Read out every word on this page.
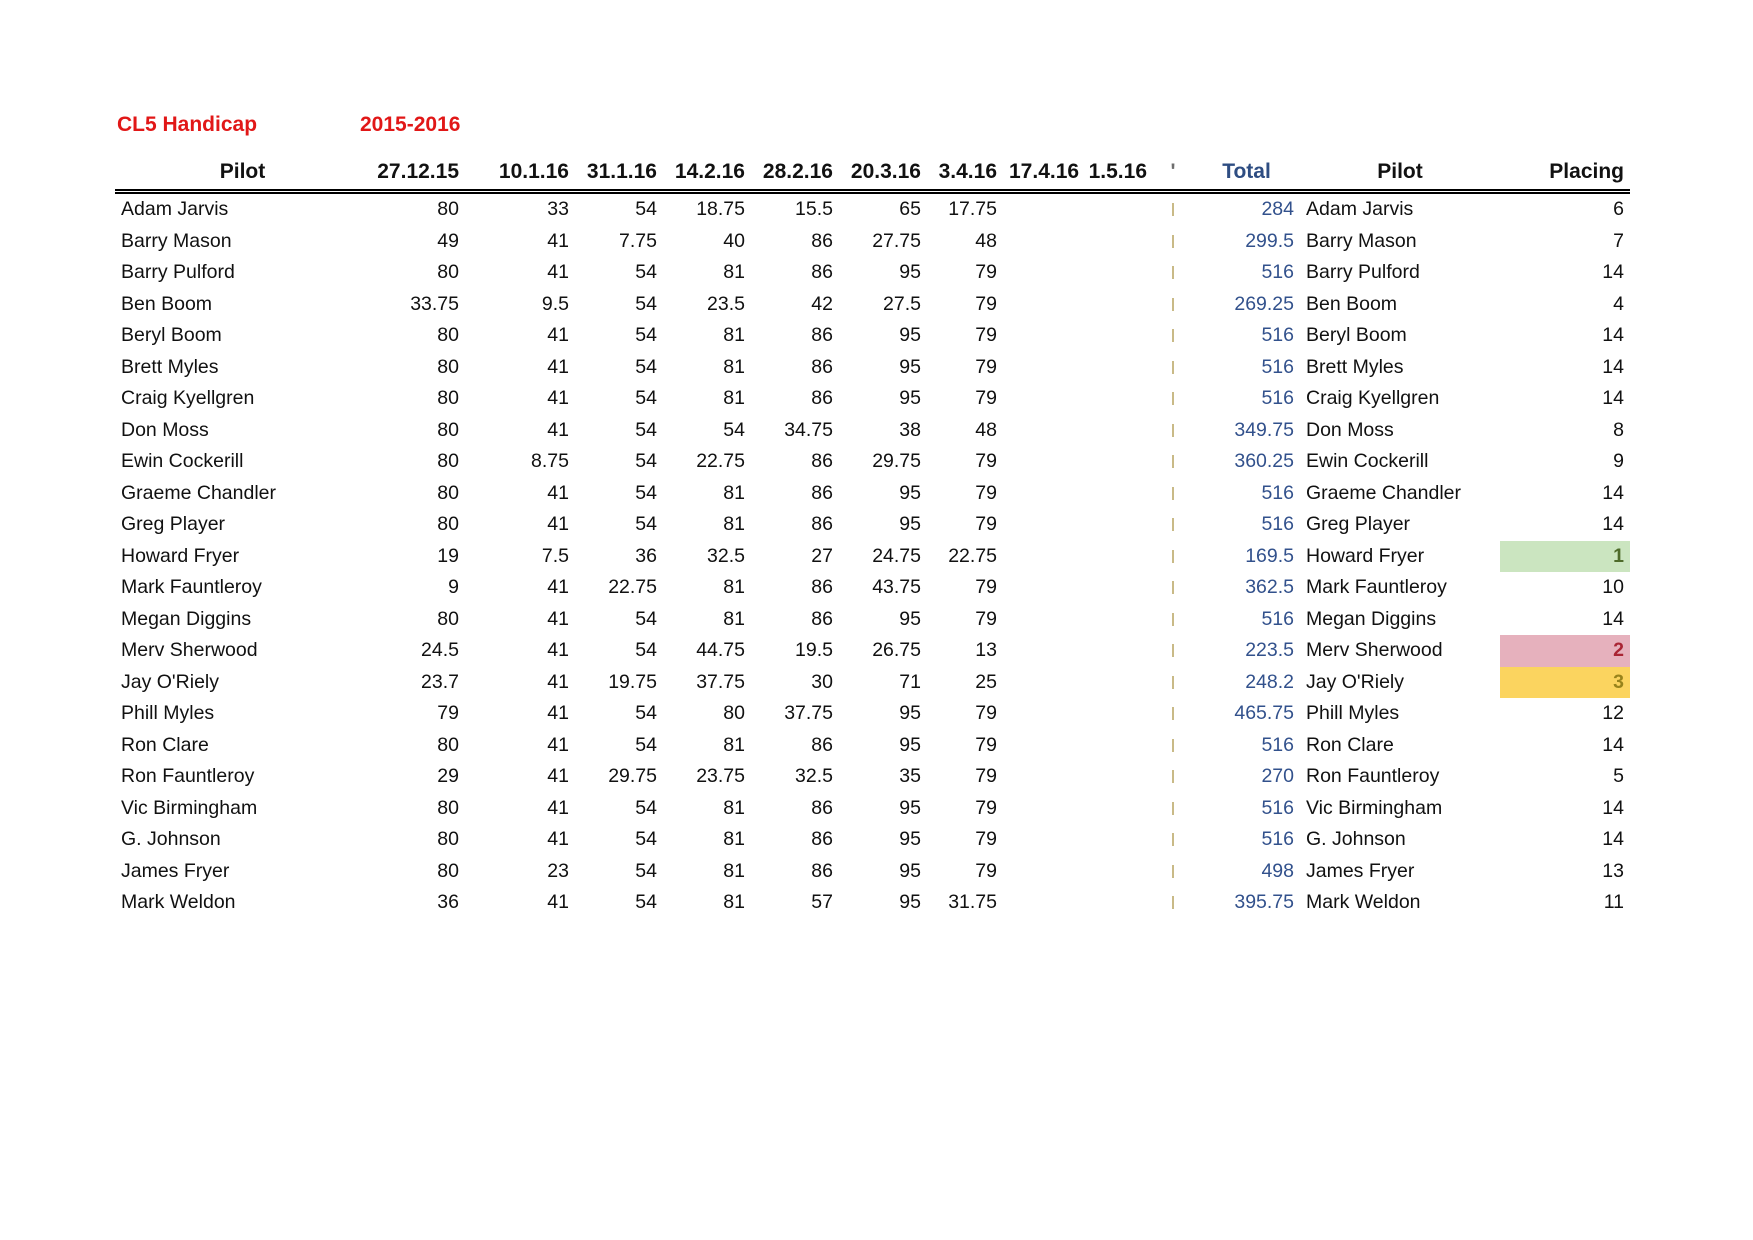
CL5 Handicap	2015-2016
Pilot	27.12.15	10.1.16	31.1.16	14.2.16	28.2.16	20.3.16	3.4.16	17.4.16	1.5.16	'	Total	Pilot	Placing
Adam Jarvis	80	33	54	18.75	15.5	65	17.75				284	Adam Jarvis	6
Barry Mason	49	41	7.75	40	86	27.75	48				299.5	Barry Mason	7
Barry Pulford	80	41	54	81	86	95	79				516	Barry Pulford	14
Ben Boom	33.75	9.5	54	23.5	42	27.5	79				269.25	Ben Boom	4
Beryl Boom	80	41	54	81	86	95	79				516	Beryl Boom	14
Brett Myles	80	41	54	81	86	95	79				516	Brett Myles	14
Craig Kyellgren	80	41	54	81	86	95	79				516	Craig Kyellgren	14
Don Moss	80	41	54	54	34.75	38	48				349.75	Don Moss	8
Ewin Cockerill	80	8.75	54	22.75	86	29.75	79				360.25	Ewin Cockerill	9
Graeme Chandler	80	41	54	81	86	95	79				516	Graeme Chandler	14
Greg Player	80	41	54	81	86	95	79				516	Greg Player	14
Howard Fryer	19	7.5	36	32.5	27	24.75	22.75				169.5	Howard Fryer	1
Mark Fauntleroy	9	41	22.75	81	86	43.75	79				362.5	Mark Fauntleroy	10
Megan Diggins	80	41	54	81	86	95	79				516	Megan Diggins	14
Merv Sherwood	24.5	41	54	44.75	19.5	26.75	13				223.5	Merv Sherwood	2
Jay O'Riely	23.7	41	19.75	37.75	30	71	25				248.2	Jay O'Riely	3
Phill Myles	79	41	54	80	37.75	95	79				465.75	Phill Myles	12
Ron Clare	80	41	54	81	86	95	79				516	Ron Clare	14
Ron Fauntleroy	29	41	29.75	23.75	32.5	35	79				270	Ron Fauntleroy	5
Vic Birmingham	80	41	54	81	86	95	79				516	Vic Birmingham	14
G. Johnson	80	41	54	81	86	95	79				516	G. Johnson	14
James Fryer	80	23	54	81	86	95	79				498	James Fryer	13
Mark Weldon	36	41	54	81	57	95	31.75				395.75	Mark Weldon	11
